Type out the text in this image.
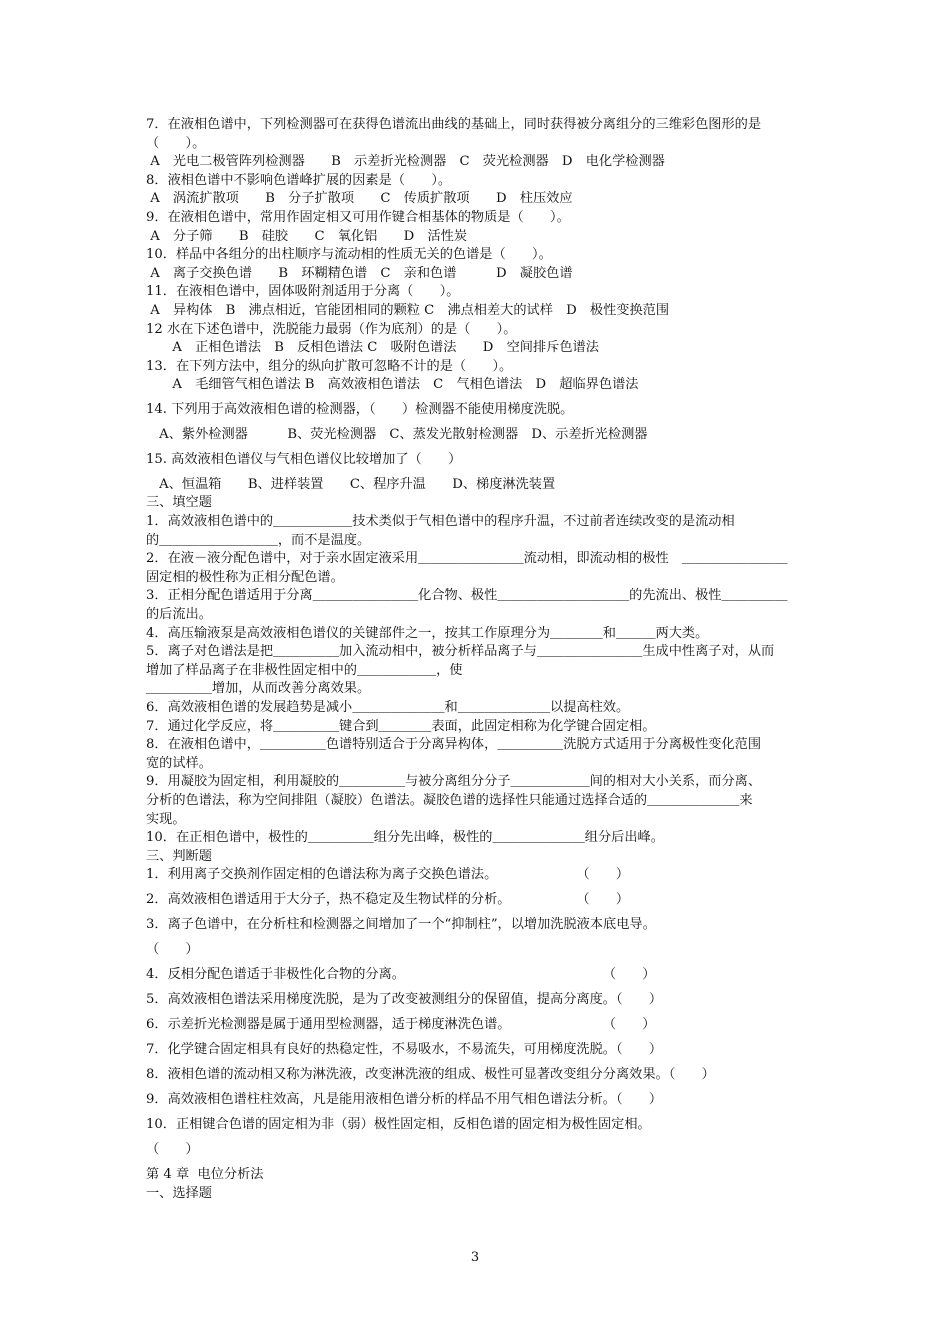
7．在液相色谱中，下列检测器可在获得色谱流出曲线的基础上，同时获得被分离组分的三维彩色图形的是
（　　）。
A　光电二极管阵列检测器　　B　示差折光检测器　C　荧光检测器　D　电化学检测器
8．液相色谱中不影响色谱峰扩展的因素是（　　）。
A　涡流扩散项　　B　分子扩散项　　C　传质扩散项　　D　柱压效应
9．在液相色谱中，常用作固定相又可用作键合相基体的物质是（　　）。
A　分子筛　　B　硅胶　　C　氧化铝　　D　活性炭
10．样品中各组分的出柱顺序与流动相的性质无关的色谱是（　　）。
A　离子交换色谱　　B　环糊精色谱　C　亲和色谱　　　D　凝胶色谱
11．在液相色谱中，固体吸附剂适用于分离（　　）。
A　异构体　B　沸点相近，官能团相同的颗粒 C　沸点相差大的试样　D　极性变换范围
12 水在下述色谱中，洗脱能力最弱（作为底剂）的是（　　）。
　　A　正相色谱法　B　反相色谱法 C　吸附色谱法　　D　空间排斥色谱法
13．在下列方法中，组分的纵向扩散可忽略不计的是（　　）。
　　A　毛细管气相色谱法 B　高效液相色谱法　C　气相色谱法　D　超临界色谱法
14. 下列用于高效液相色谱的检测器，（　　）检测器不能使用梯度洗脱。
　A、紫外检测器　　　B、荧光检测器　C、蒸发光散射检测器　D、示差折光检测器
15. 高效液相色谱仪与气相色谱仪比较增加了（　　）
　A、恒温箱　　B、进样装置　　C、程序升温　　D、梯度淋洗装置
三、填空题
1．高效液相色谱中的＿＿＿＿＿＿技术类似于气相色谱中的程序升温，不过前者连续改变的是流动相
的＿＿＿＿＿＿＿＿＿，而不是温度。
2．在液－液分配色谱中，对于亲水固定液采用＿＿＿＿＿＿＿＿流动相，即流动相的极性　＿＿＿＿＿＿＿＿
固定相的极性称为正相分配色谱。
3．正相分配色谱适用于分离＿＿＿＿＿＿＿＿化合物、极性＿＿＿＿＿＿＿＿＿＿的先流出、极性＿＿＿＿＿
的后流出。
4．高压输液泵是高效液相色谱仪的关键部件之一，按其工作原理分为＿＿＿＿和＿＿＿两大类。
5．离子对色谱法是把＿＿＿＿＿加入流动相中，被分析样品离子与＿＿＿＿＿＿＿＿生成中性离子对，从而
增加了样品离子在非极性固定相中的＿＿＿＿＿＿，使
＿＿＿＿＿增加，从而改善分离效果。
6．高效液相色谱的发展趋势是减小＿＿＿＿＿＿＿和＿＿＿＿＿＿＿以提高柱效。
7．通过化学反应，将＿＿＿＿＿键合到＿＿＿＿表面，此固定相称为化学键合固定相。
8．在液相色谱中，＿＿＿＿＿色谱特别适合于分离异构体，＿＿＿＿＿洗脱方式适用于分离极性变化范围
宽的试样。
9．用凝胶为固定相，利用凝胶的＿＿＿＿＿与被分离组分分子＿＿＿＿＿＿间的相对大小关系，而分离、
分析的色谱法，称为空间排阻（凝胶）色谱法。凝胶色谱的选择性只能通过选择合适的＿＿＿＿＿＿＿来
实现。
10．在正相色谱中，极性的＿＿＿＿＿组分先出峰，极性的＿＿＿＿＿＿＿组分后出峰。
三、判断题
1．利用离子交换剂作固定相的色谱法称为离子交换色谱法。　　　　　　　（　　）
2．高效液相色谱适用于大分子，热不稳定及生物试样的分析。　　　　　　（　　）
3．离子色谱中，在分析柱和检测器之间增加了一个“抑制柱”，以增加洗脱液本底电导。
（　　）
4．反相分配色谱适于非极性化合物的分离。　　　　　　　　　　　　　　　　（　　）
5．高效液相色谱法采用梯度洗脱，是为了改变被测组分的保留值，提高分离度。（　　）
6．示差折光检测器是属于通用型检测器，适于梯度淋洗色谱。　　　　　　　　（　　）
7．化学键合固定相具有良好的热稳定性，不易吸水，不易流失，可用梯度洗脱。（　　）
8．液相色谱的流动相又称为淋洗液，改变淋洗液的组成、极性可显著改变组分分离效果。（　　）
9．高效液相色谱柱柱效高，凡是能用液相色谱分析的样品不用气相色谱法分析。（　　）
10．正相键合色谱的固定相为非（弱）极性固定相，反相色谱的固定相为极性固定相。
（　　）
第 4 章  电位分析法
一、选择题
3
